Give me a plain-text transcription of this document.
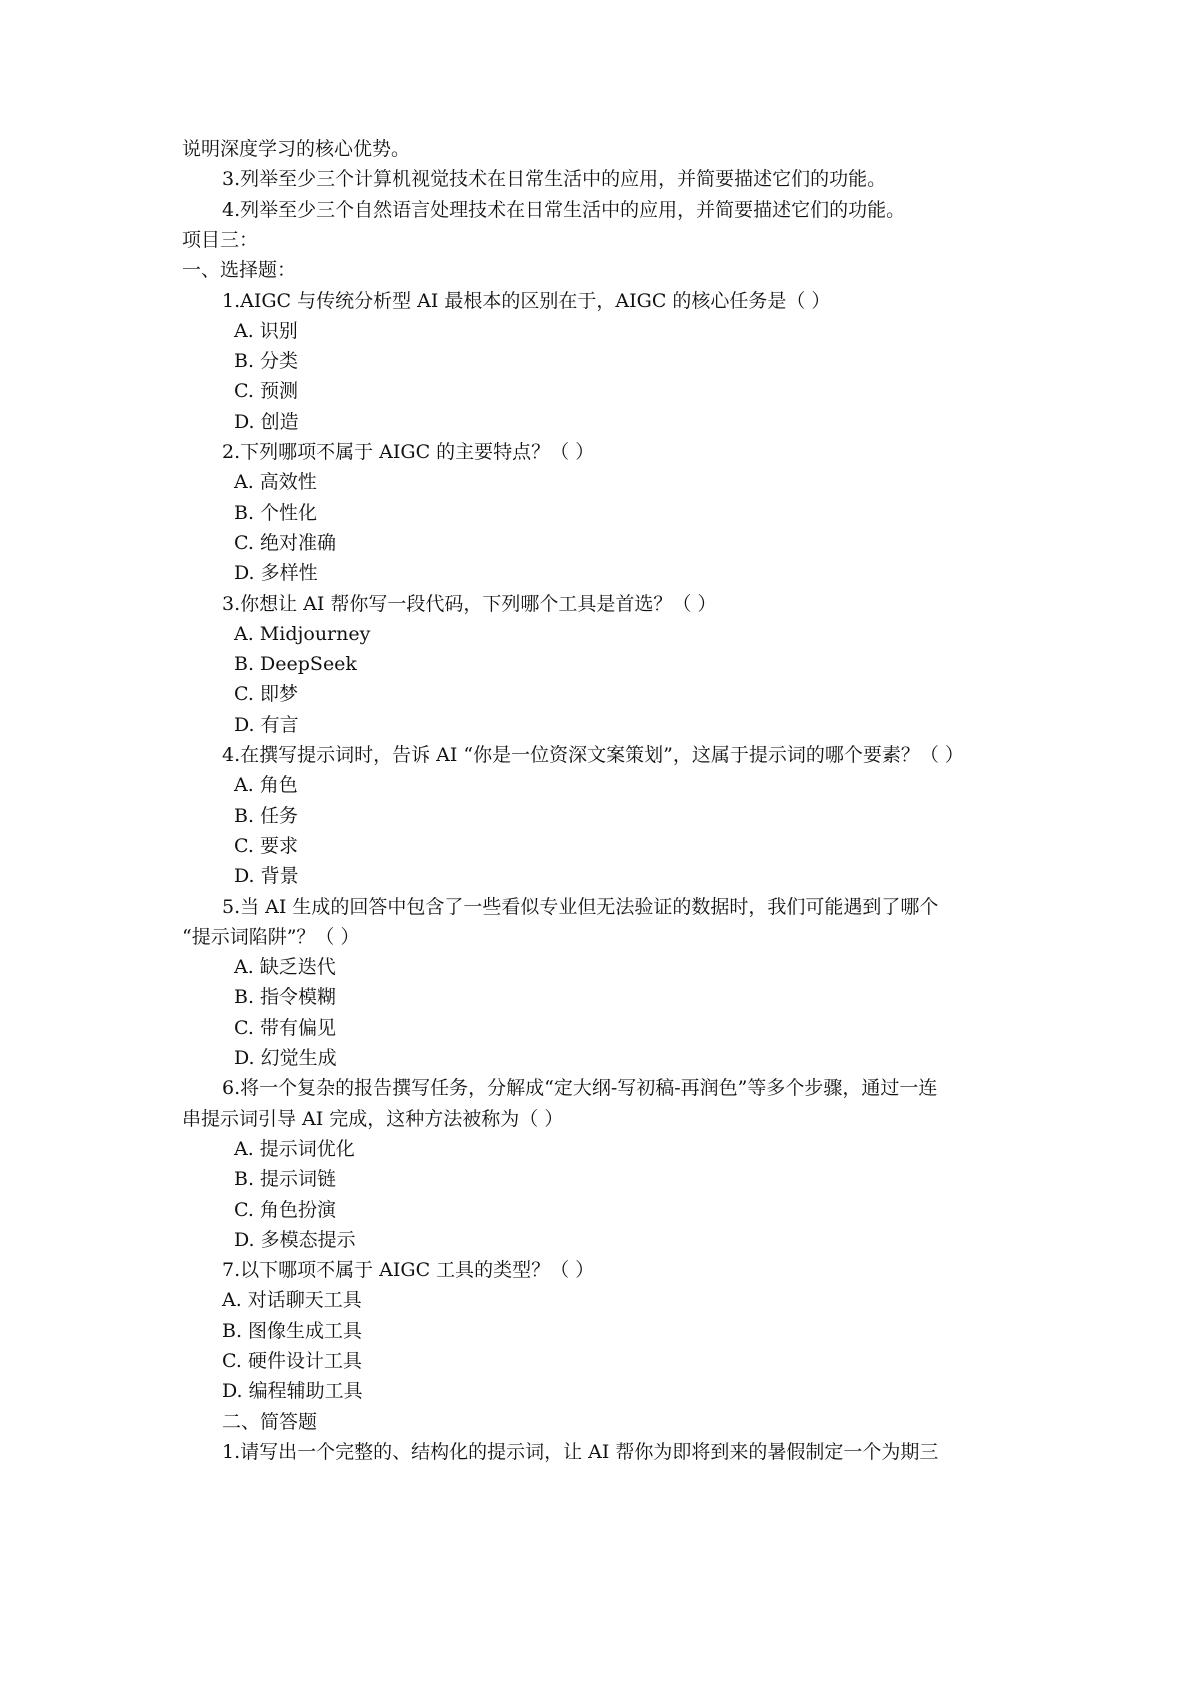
说明深度学习的核心优势。
3.列举至少三个计算机视觉技术在日常生活中的应用，并简要描述它们的功能。
4.列举至少三个自然语言处理技术在日常生活中的应用，并简要描述它们的功能。
项目三：
一、选择题：
1.AIGC 与传统分析型 AI 最根本的区别在于，AIGC 的核心任务是（ ）
A. 识别
B. 分类
C. 预测
D. 创造
2.下列哪项不属于 AIGC 的主要特点？（ ）
A. 高效性
B. 个性化
C. 绝对准确
D. 多样性
3.你想让 AI 帮你写一段代码，下列哪个工具是首选？（ ）
A. Midjourney
B. DeepSeek
C. 即梦
D. 有言
4.在撰写提示词时，告诉 AI “你是一位资深文案策划”，这属于提示词的哪个要素？（ ）
A. 角色
B. 任务
C. 要求
D. 背景
5.当 AI 生成的回答中包含了一些看似专业但无法验证的数据时，我们可能遇到了哪个
“提示词陷阱”？（ ）
A. 缺乏迭代
B. 指令模糊
C. 带有偏见
D. 幻觉生成
6.将一个复杂的报告撰写任务，分解成“定大纲-写初稿-再润色”等多个步骤，通过一连
串提示词引导 AI 完成，这种方法被称为（ ）
A. 提示词优化
B. 提示词链
C. 角色扮演
D. 多模态提示
7.以下哪项不属于 AIGC 工具的类型？（ ）
A. 对话聊天工具
B. 图像生成工具
C. 硬件设计工具
D. 编程辅助工具
二、简答题
1.请写出一个完整的、结构化的提示词，让 AI 帮你为即将到来的暑假制定一个为期三
